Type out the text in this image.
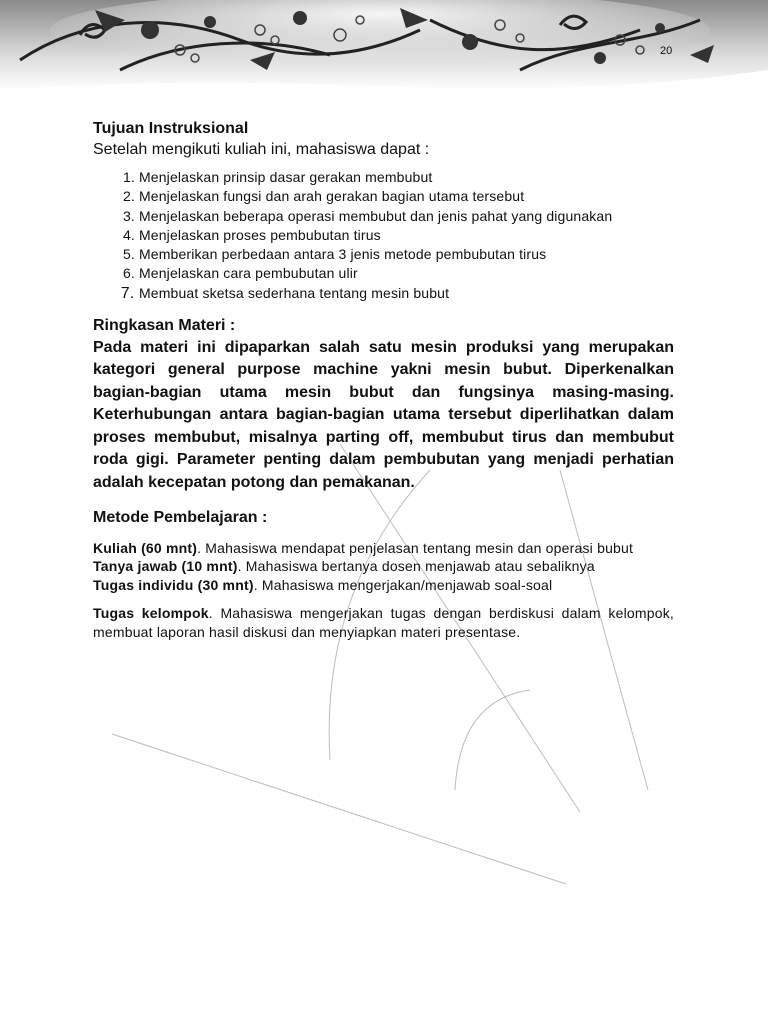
20
Tujuan Instruksional
Setelah mengikuti kuliah ini, mahasiswa dapat :
1. Menjelaskan prinsip dasar gerakan membubut
2. Menjelaskan fungsi dan arah gerakan bagian utama tersebut
3. Menjelaskan beberapa operasi membubut dan jenis pahat yang digunakan
4. Menjelaskan proses pembubutan tirus
5. Memberikan perbedaan antara 3 jenis metode pembubutan tirus
6. Menjelaskan cara pembubutan ulir
7. Membuat sketsa sederhana tentang mesin bubut
Ringkasan Materi :

Pada materi ini dipaparkan salah satu mesin produksi yang merupakan kategori general purpose machine yakni mesin bubut. Diperkenalkan bagian-bagian utama mesin bubut dan fungsinya masing-masing. Keterhubungan antara bagian-bagian utama tersebut diperlihatkan dalam proses membubut, misalnya parting off, membubut tirus dan membubut roda gigi. Parameter penting dalam pembubutan yang menjadi perhatian adalah kecepatan potong dan pemakanan.

Metode Pembelajaran :

Kuliah (60 mnt). Mahasiswa mendapat penjelasan tentang mesin dan operasi bubut

Tanya jawab (10 mnt). Mahasiswa bertanya dosen menjawab atau sebaliknya

Tugas individu (30 mnt). Mahasiswa mengerjakan/menjawab soal-soal

Tugas kelompok. Mahasiswa mengerjakan tugas dengan berdiskusi dalam kelompok, membuat laporan hasil diskusi dan menyiapkan materi presentase.
